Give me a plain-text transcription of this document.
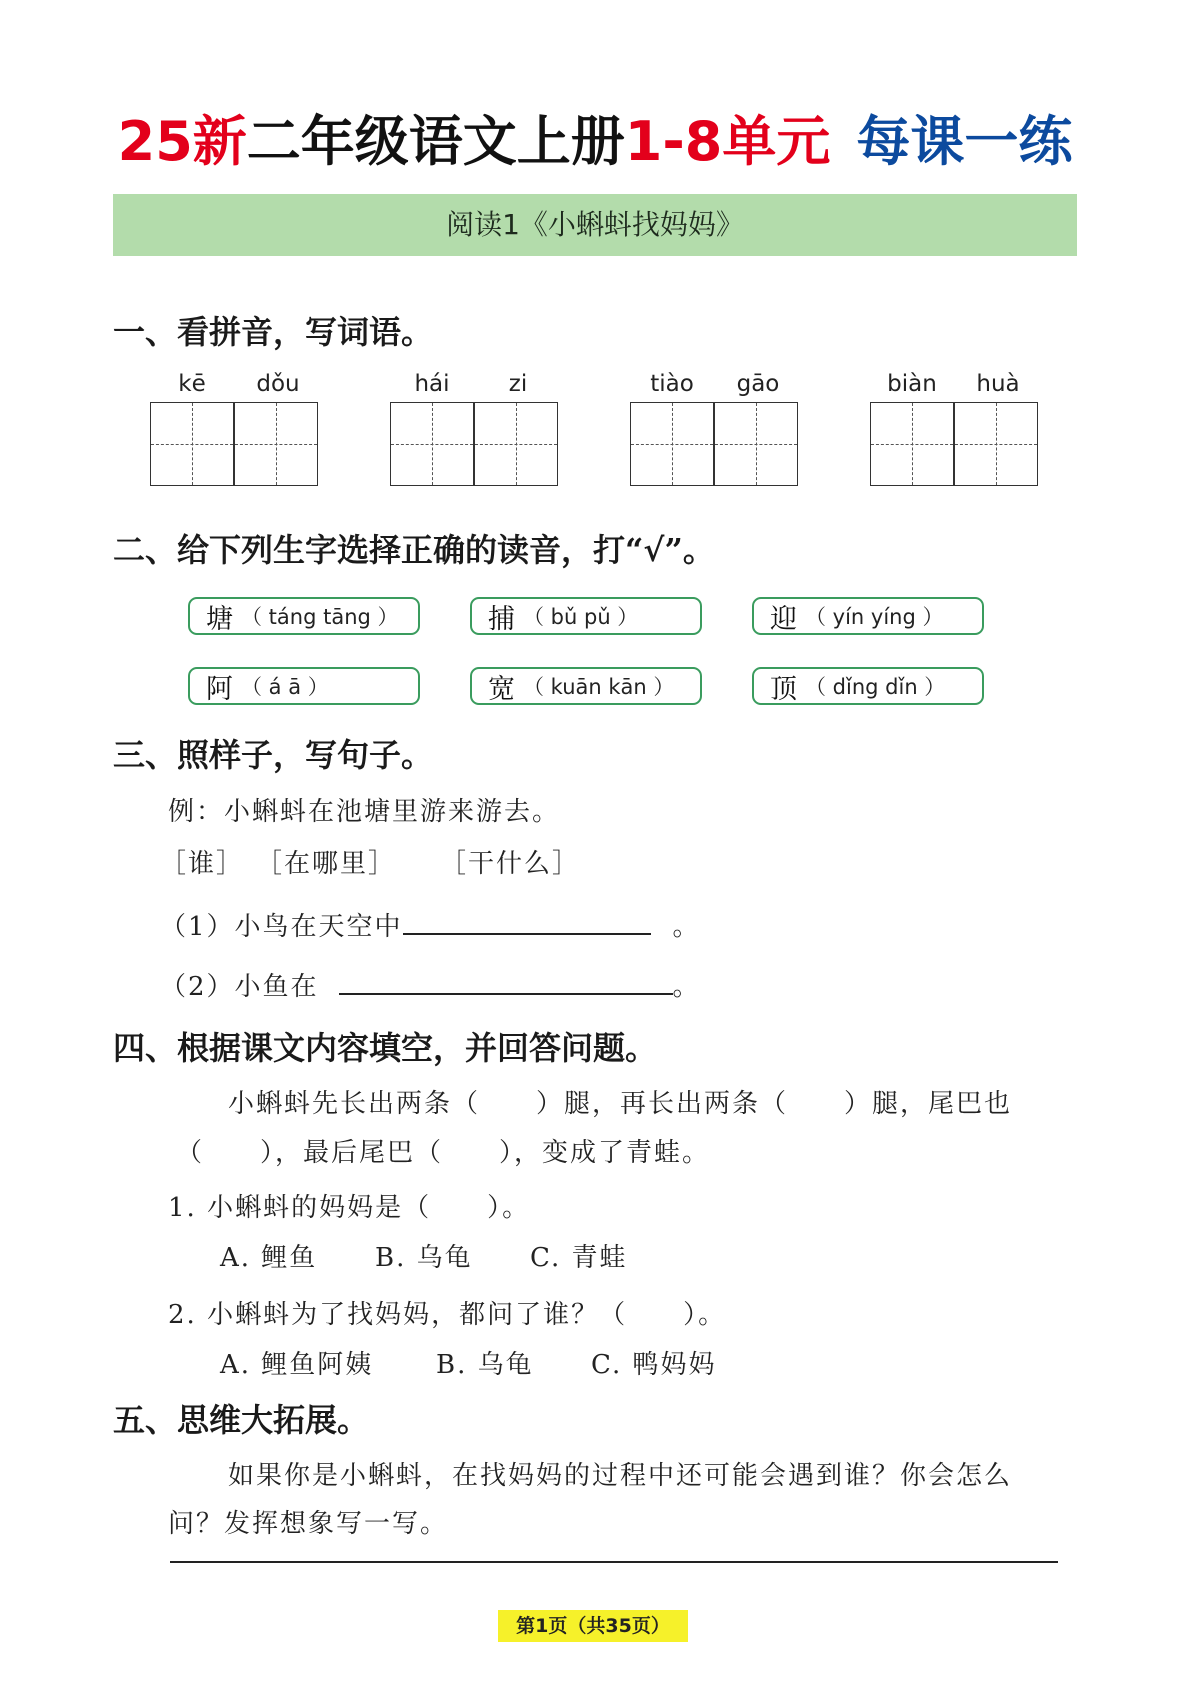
25新二年级语文上册1-8单元 每课一练
阅读1《小蝌蚪找妈妈》
一、看拼音，写词语。
kē	dǒu	hái	zi	tiào	gāo	biàn	huà
二、给下列生字选择正确的读音，打“√”。
塘 （ táng tāng ）	捕 （ bǔ pǔ ）	迎 （ yín yíng ）
阿 （ á ā ）	宽 （ kuān kān ）	顶 （ dǐng dǐn ）
三、照样子，写句子。
例：小蝌蚪在池塘里游来游去。
［谁］ ［在哪里］ ［干什么］
（1）小鸟在天空中	。
（2）小鱼在	。
四、根据课文内容填空，并回答问题。
小蝌蚪先长出两条（　　）腿，再长出两条（　　）腿，尾巴也
（　　），最后尾巴（　　），变成了青蛙。
1. 小蝌蚪的妈妈是（　　）。
A. 鲤鱼 B. 乌龟 C. 青蛙
2. 小蝌蚪为了找妈妈，都问了谁？（　　）。
A. 鲤鱼阿姨 B. 乌龟 C. 鸭妈妈
五、思维大拓展。
如果你是小蝌蚪，在找妈妈的过程中还可能会遇到谁？你会怎么
问？发挥想象写一写。
第1页（共35页）
